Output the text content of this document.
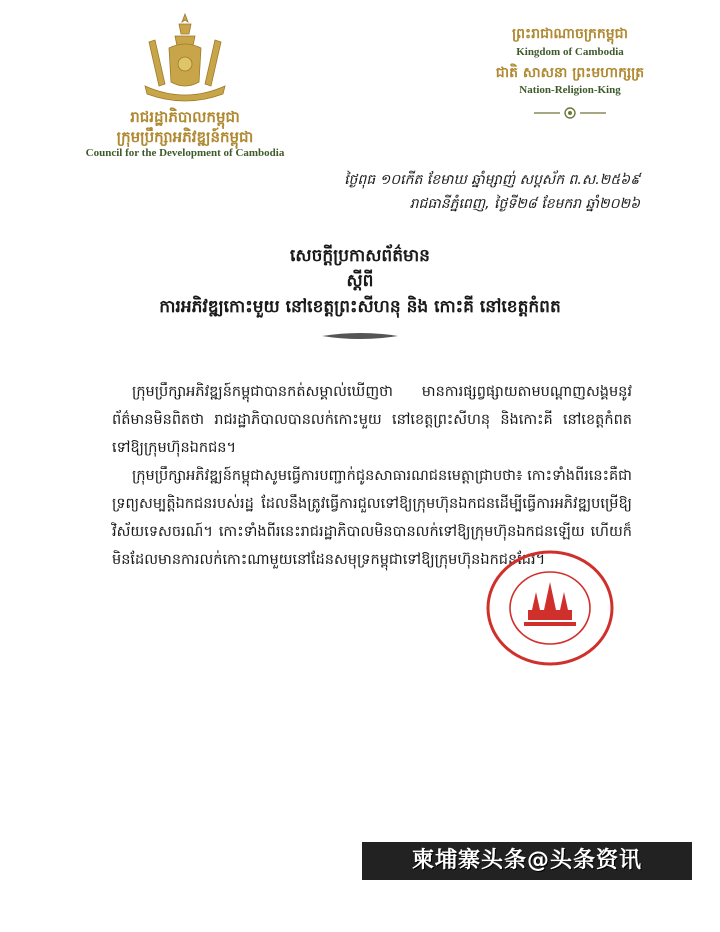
រាជរដ្ឋាភិបាលកម្ពុជា
ក្រុមប្រឹក្សាអភិវឌ្ឍន៍កម្ពុជា
Council for the Development of Cambodia
ព្រះរាជាណាចក្រកម្ពុជា
Kingdom of Cambodia
ជាតិ សាសនា ព្រះមហាក្សត្រ
Nation-Religion-King
ថ្ងៃពុធ ១០កើត ខែមាឃ ឆ្នាំម្សាញ់ សប្តស័ក ព.ស.២៥៦៩
រាជធានីភ្នំពេញ, ថ្ងៃទី២៨ ខែមករា ឆ្នាំ២០២៦
សេចក្តីប្រកាសព័ត៌មាន
ស្តីពី
ការអភិវឌ្ឍកោះមួយ នៅខេត្តព្រះសីហនុ និង កោះគី នៅខេត្តកំពត

ក្រុមប្រឹក្សាអភិវឌ្ឍន៍កម្ពុជាបានកត់សម្គាល់ឃើញថា មានការផ្សព្វផ្សាយតាមបណ្តាញសង្គមនូវព័ត៌មានមិនពិតថា រាជរដ្ឋាភិបាលបានលក់កោះមួយ នៅខេត្តព្រះសីហនុ និងកោះគី នៅខេត្តកំពត ទៅឱ្យក្រុមហ៊ុនឯកជន។

ក្រុមប្រឹក្សាអភិវឌ្ឍន៍កម្ពុជាសូមធ្វើការបញ្ជាក់ជូនសាធារណជនមេត្តាជ្រាបថា៖ កោះទាំងពីរនេះគឺជាទ្រព្យសម្បត្តិឯកជនរបស់រដ្ឋ ដែលនឹងត្រូវធ្វើការជួលទៅឱ្យក្រុមហ៊ុនឯកជនដើម្បីធ្វើការអភិវឌ្ឍបម្រើឱ្យវិស័យទេសចរណ៍។ កោះទាំងពីរនេះរាជរដ្ឋាភិបាលមិនបានលក់ទៅឱ្យក្រុមហ៊ុនឯកជនឡើយ ហើយក៏មិនដែលមានការលក់កោះណាមួយនៅដែនសមុទ្រកម្ពុជាទៅឱ្យក្រុមហ៊ុនឯកជនដែរ។

柬埔寨头条@头条资讯
